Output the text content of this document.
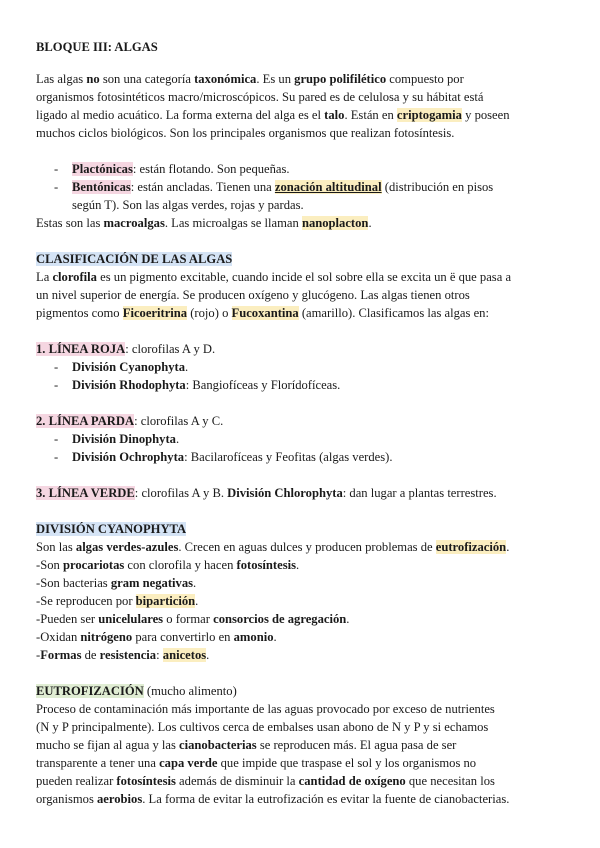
BLOQUE III: ALGAS
Las algas no son una categoría taxonómica. Es un grupo polifilético compuesto por
organismos fotosintéticos macro/microscópicos. Su pared es de celulosa y su hábitat está
ligado al medio acuático. La forma externa del alga es el talo. Están en criptogamia y poseen
muchos ciclos biológicos. Son los principales organismos que realizan fotosíntesis.
- Plactónicas: están flotando. Son pequeñas.
- Bentónicas: están ancladas. Tienen una zonación altitudinal (distribución en pisos
según T). Son las algas verdes, rojas y pardas.
Estas son las macroalgas. Las microalgas se llaman nanoplacton.
CLASIFICACIÓN DE LAS ALGAS
La clorofila es un pigmento excitable, cuando incide el sol sobre ella se excita un ë que pasa a
un nivel superior de energía. Se producen oxígeno y glucógeno. Las algas tienen otros
pigmentos como Ficoeritrina (rojo) o Fucoxantina (amarillo). Clasificamos las algas en:
1. LÍNEA ROJA: clorofilas A y D.
- División Cyanophyta.
- División Rhodophyta: Bangiofíceas y Florídofíceas.
2. LÍNEA PARDA: clorofilas A y C.
- División Dinophyta.
- División Ochrophyta: Bacilarofíceas y Feofitas (algas verdes).
3. LÍNEA VERDE: clorofilas A y B. División Chlorophyta: dan lugar a plantas terrestres.
DIVISIÓN CYANOPHYTA
Son las algas verdes-azules. Crecen en aguas dulces y producen problemas de eutrofización.
-Son procariotas con clorofila y hacen fotosíntesis.
-Son bacterias gram negativas.
-Se reproducen por bipartición.
-Pueden ser unicelulares o formar consorcios de agregación.
-Oxidan nitrógeno para convertirlo en amonio.
-Formas de resistencia: anicetos.
EUTROFIZACIÓN (mucho alimento)
Proceso de contaminación más importante de las aguas provocado por exceso de nutrientes
(N y P principalmente). Los cultivos cerca de embalses usan abono de N y P y si echamos
mucho se fijan al agua y las cianobacterias se reproducen más. El agua pasa de ser
transparente a tener una capa verde que impide que traspase el sol y los organismos no
pueden realizar fotosíntesis además de disminuir la cantidad de oxígeno que necesitan los
organismos aerobios. La forma de evitar la eutrofización es evitar la fuente de cianobacterias.
